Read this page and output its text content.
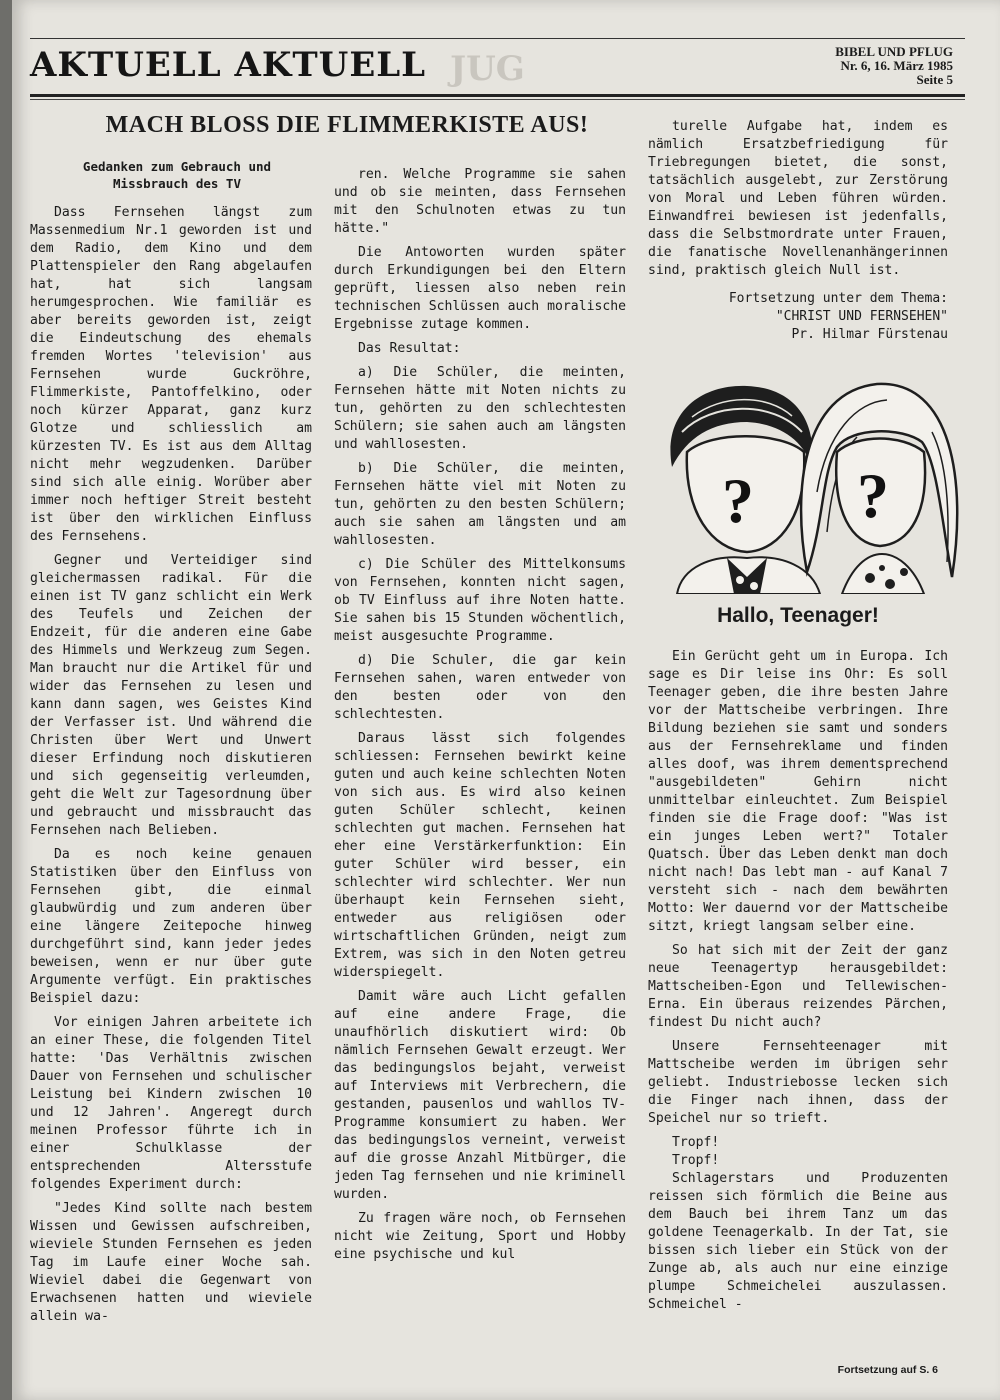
AKTUELL AKTUELL JUG	BIBEL UND PFLUG
Nr. 6, 16. März 1985
Seite 5
MACH BLOSS DIE FLIMMERKISTE AUS!
Gedanken zum Gebrauch und Missbrauch des TV

Dass Fernsehen längst zum Massenmedium Nr.1 geworden ist und dem Radio, dem Kino und dem Plattenspieler den Rang abgelaufen hat, hat sich langsam herumgesprochen. Wie familiär es aber bereits geworden ist, zeigt die Eindeutschung des ehemals fremden Wortes 'television' aus Fernsehen wurde Guckröhre, Flimmerkiste, Pantoffelkino, oder noch kürzer Apparat, ganz kurz Glotze und schliesslich am kürzesten TV. Es ist aus dem Alltag nicht mehr wegzudenken. Darüber sind sich alle einig. Worüber aber immer noch heftiger Streit besteht ist über den wirklichen Einfluss des Fernsehens.

Gegner und Verteidiger sind gleichermassen radikal. Für die einen ist TV ganz schlicht ein Werk des Teufels und Zeichen der Endzeit, für die anderen eine Gabe des Himmels und Werkzeug zum Segen. Man braucht nur die Artikel für und wider das Fernsehen zu lesen und kann dann sagen, wes Geistes Kind der Verfasser ist. Und während die Christen über Wert und Unwert dieser Erfindung noch diskutieren und sich gegenseitig verleumden, geht die Welt zur Tagesordnung über und gebraucht und missbraucht das Fernsehen nach Belieben.

Da es noch keine genauen Statistiken über den Einfluss von Fernsehen gibt, die einmal glaubwürdig und zum anderen über eine längere Zeitepoche hinweg durchgeführt sind, kann jeder jedes beweisen, wenn er nur über gute Argumente verfügt. Ein praktisches Beispiel dazu:

Vor einigen Jahren arbeitete ich an einer These, die folgenden Titel hatte: 'Das Verhältnis zwischen Dauer von Fernsehen und schulischer Leistung bei Kindern zwischen 10 und 12 Jahren'. Angeregt durch meinen Professor führte ich in einer Schulklasse der entsprechenden Altersstufe folgendes Experiment durch:

"Jedes Kind sollte nach bestem Wissen und Gewissen aufschreiben, wieviele Stunden Fernsehen es jeden Tag im Laufe einer Woche sah. Wieviel dabei die Gegenwart von Erwachsenen hatten und wieviele allein wa-

ren. Welche Programme sie sahen und ob sie meinten, dass Fernsehen mit den Schulnoten etwas zu tun hätte."

Die Antoworten wurden später durch Erkundigungen bei den Eltern geprüft, liessen also neben rein technischen Schlüssen auch moralische Ergebnisse zutage kommen.

Das Resultat:

a) Die Schüler, die meinten, Fernsehen hätte mit Noten nichts zu tun, gehörten zu den schlechtesten Schülern; sie sahen auch am längsten und wahllosesten.

b) Die Schüler, die meinten, Fernsehen hätte viel mit Noten zu tun, gehörten zu den besten Schülern; auch sie sahen am längsten und am wahllosesten.

c) Die Schüler des Mittelkonsums von Fernsehen, konnten nicht sagen, ob TV Einfluss auf ihre Noten hatte. Sie sahen bis 15 Stunden wöchentlich, meist ausgesuchte Programme.

d) Die Schuler, die gar kein Fernsehen sahen, waren entweder von den besten oder von den schlechtesten.

Daraus lässt sich folgendes schliessen: Fernsehen bewirkt keine guten und auch keine schlechten Noten von sich aus. Es wird also keinen guten Schüler schlecht, keinen schlechten gut machen. Fernsehen hat eher eine Verstärkerfunktion: Ein guter Schüler wird besser, ein schlechter wird schlechter. Wer nun überhaupt kein Fernsehen sieht, entweder aus religiösen oder wirtschaftlichen Gründen, neigt zum Extrem, was sich in den Noten getreu widerspiegelt.

Damit wäre auch Licht gefallen auf eine andere Frage, die unaufhörlich diskutiert wird: Ob nämlich Fernsehen Gewalt erzeugt. Wer das bedingungslos bejaht, verweist auf Interviews mit Verbrechern, die gestanden, pausenlos und wahllos TV-Programme konsumiert zu haben. Wer das bedingungslos verneint, verweist auf die grosse Anzahl Mitbürger, die jeden Tag fernsehen und nie kriminell wurden.

Zu fragen wäre noch, ob Fernsehen nicht wie Zeitung, Sport und Hobby eine psychische und kul

turelle Aufgabe hat, indem es nämlich Ersatzbefriedigung für Triebregungen bietet, die sonst, tatsächlich ausgelebt, zur Zerstörung von Moral und Leben führen würden. Einwandfrei bewiesen ist jedenfalls, dass die Selbstmordrate unter Frauen, die fanatische Novellenanhängerinnen sind, praktisch gleich Null ist.

Fortsetzung unter dem Thema:
"CHRIST UND FERNSEHEN"
Pr. Hilmar Fürstenau
? ?
Hallo, Teenager!

Ein Gerücht geht um in Europa. Ich sage es Dir leise ins Ohr: Es soll Teenager geben, die ihre besten Jahre vor der Mattscheibe verbringen. Ihre Bildung beziehen sie samt und sonders aus der Fernsehreklame und finden alles doof, was ihrem dementsprechend "ausgebildeten" Gehirn nicht unmittelbar einleuchtet. Zum Beispiel finden sie die Frage doof: "Was ist ein junges Leben wert?" Totaler Quatsch. Über das Leben denkt man doch nicht nach! Das lebt man - auf Kanal 7 versteht sich - nach dem bewährten Motto: Wer dauernd vor der Mattscheibe sitzt, kriegt langsam selber eine.

So hat sich mit der Zeit der ganz neue Teenagertyp herausgebildet: Mattscheiben-Egon und Tellewischen-Erna. Ein überaus reizendes Pärchen, findest Du nicht auch?

Unsere Fernsehteenager mit Mattscheibe werden im übrigen sehr geliebt. Industriebosse lecken sich die Finger nach ihnen, dass der Speichel nur so trieft.

Tropf!

Tropf!

Schlagerstars und Produzenten reissen sich förmlich die Beine aus dem Bauch bei ihrem Tanz um das goldene Teenagerkalb. In der Tat, sie bissen sich lieber ein Stück von der Zunge ab, als auch nur eine einzige plumpe Schmeichelei auszulassen. Schmeichel -

Fortsetzung auf S. 6
